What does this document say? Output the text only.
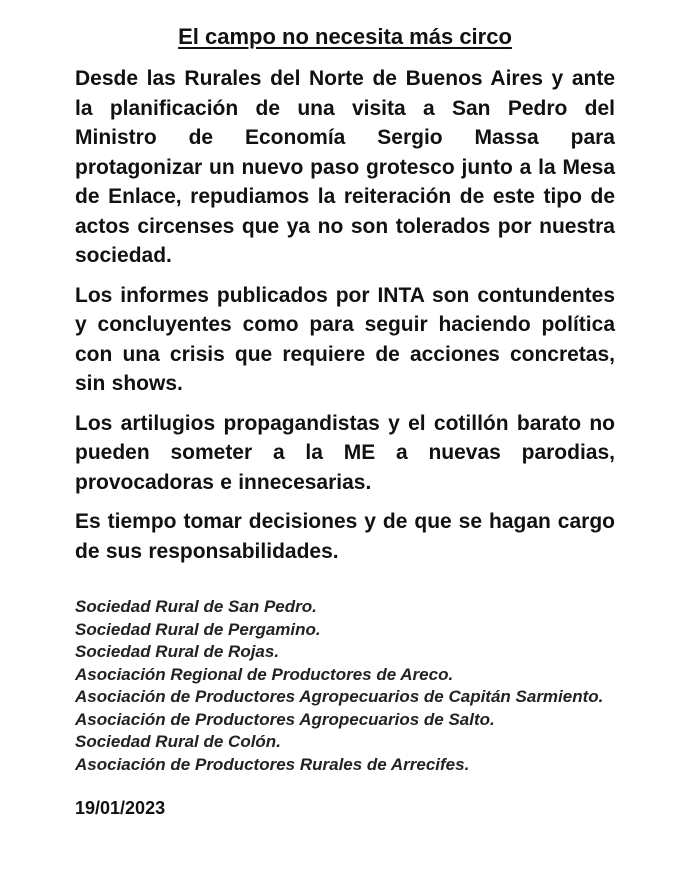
El campo no necesita más circo

Desde las Rurales del Norte de Buenos Aires y ante la planificación de una visita a San Pedro del Ministro de Economía Sergio Massa para protagonizar un nuevo paso grotesco junto a la Mesa de Enlace, repudiamos la reiteración de este tipo de actos circenses que ya no son tolerados por nuestra sociedad.

Los informes publicados por INTA son contundentes y concluyentes como para seguir haciendo política con una crisis que requiere de acciones concretas, sin shows.

Los artilugios propagandistas y el cotillón barato no pueden someter a la ME a nuevas parodias, provocadoras e innecesarias.

Es tiempo tomar decisiones y de que se hagan cargo de sus responsabilidades.

Sociedad Rural de San Pedro.

Sociedad Rural de Pergamino.

Sociedad Rural de Rojas.

Asociación Regional de Productores de Areco.

Asociación de Productores Agropecuarios de Capitán Sarmiento.

Asociación de Productores Agropecuarios de Salto.

Sociedad Rural de Colón.

Asociación de Productores Rurales de Arrecifes.

19/01/2023
